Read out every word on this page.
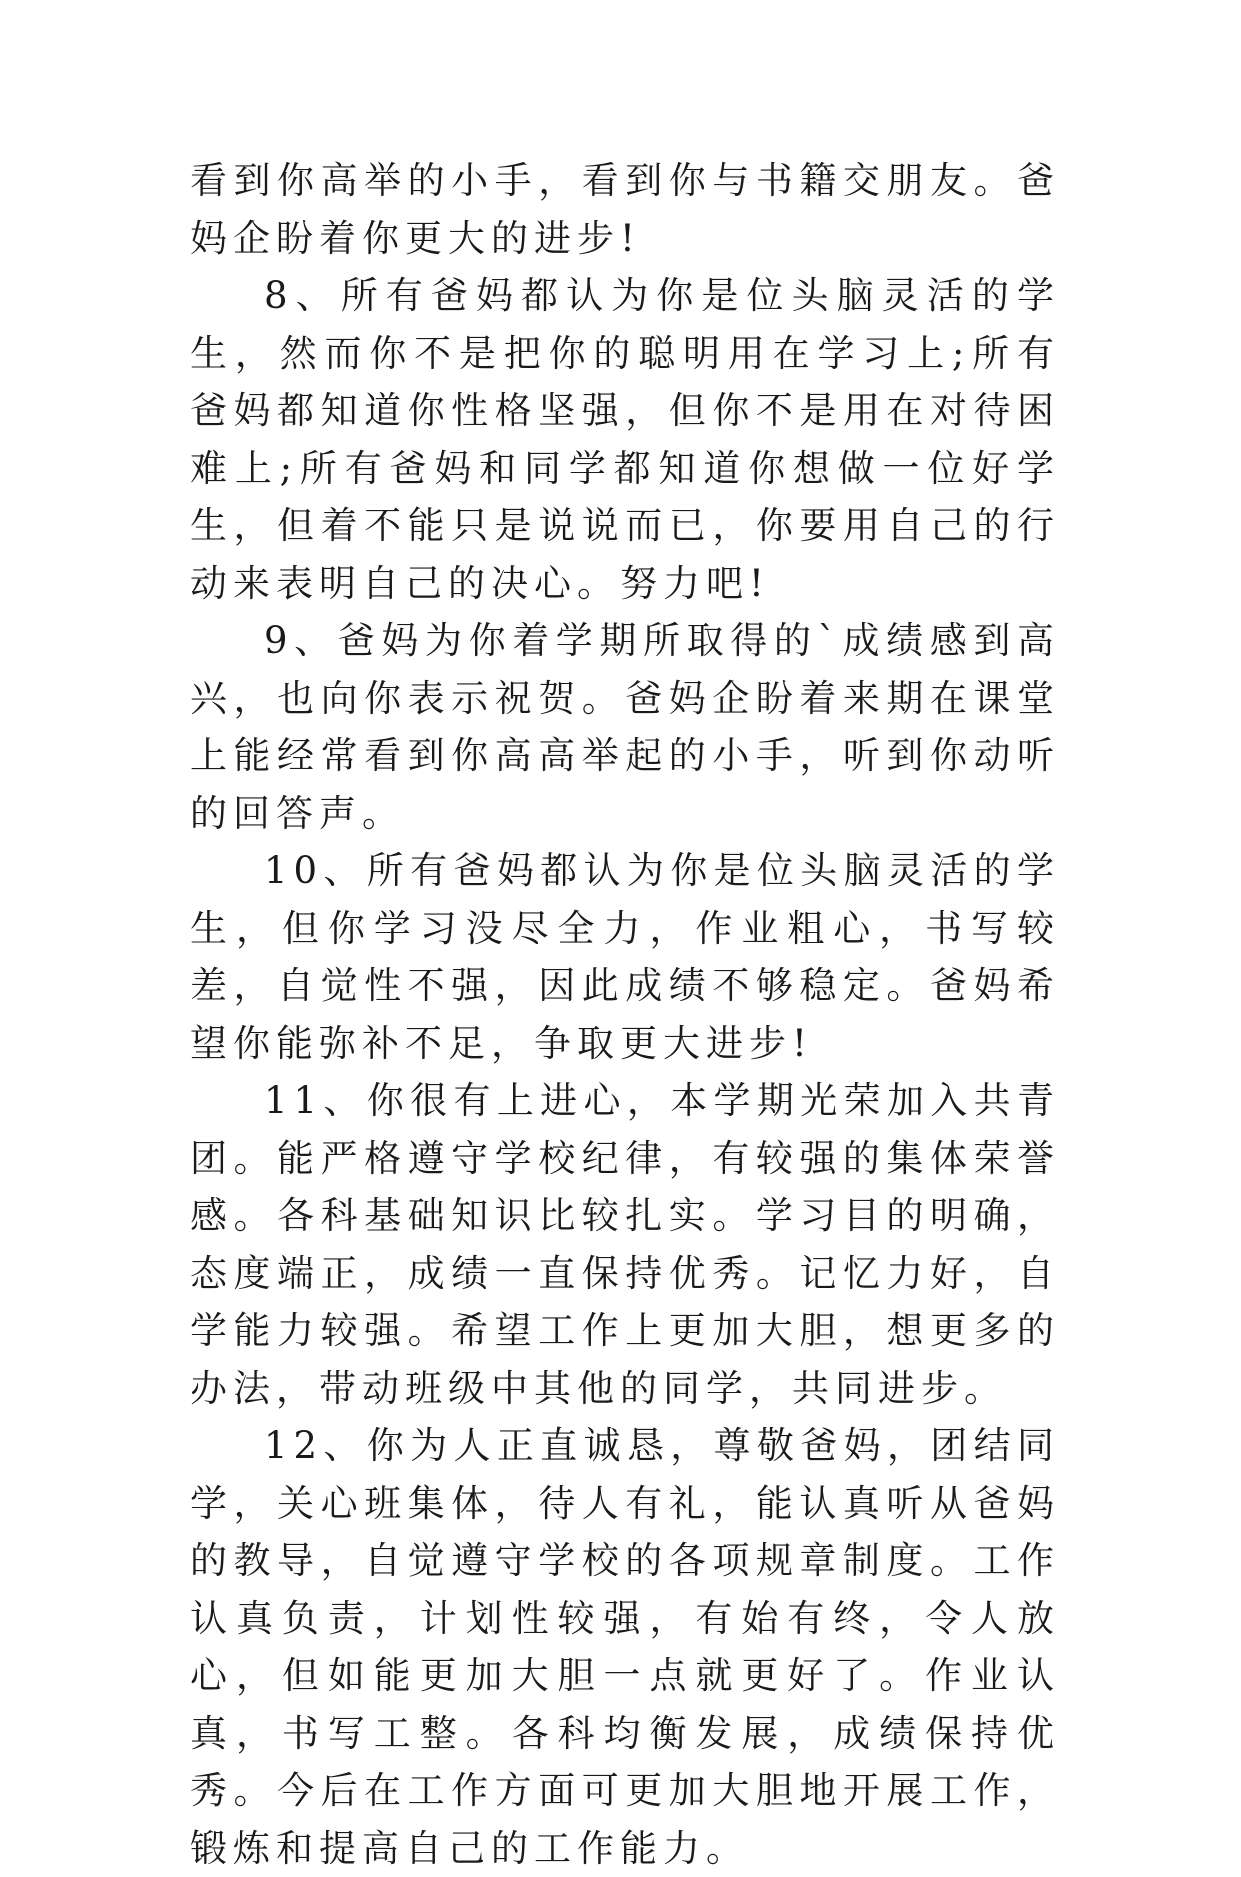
看到你高举的小手，看到你与书籍交朋友。爸妈企盼着你更大的进步!

8、所有爸妈都认为你是位头脑灵活的学生，然而你不是把你的聪明用在学习上;所有爸妈都知道你性格坚强，但你不是用在对待困难上;所有爸妈和同学都知道你想做一位好学生，但着不能只是说说而已，你要用自己的行动来表明自己的决心。努力吧!

9、爸妈为你着学期所取得的`成绩感到高兴，也向你表示祝贺。爸妈企盼着来期在课堂上能经常看到你高高举起的小手，听到你动听的回答声。

10、所有爸妈都认为你是位头脑灵活的学生，但你学习没尽全力，作业粗心，书写较差，自觉性不强，因此成绩不够稳定。爸妈希望你能弥补不足，争取更大进步!

11、你很有上进心，本学期光荣加入共青团。能严格遵守学校纪律，有较强的集体荣誉感。各科基础知识比较扎实。学习目的明确，态度端正，成绩一直保持优秀。记忆力好，自学能力较强。希望工作上更加大胆，想更多的办法，带动班级中其他的同学，共同进步。

12、你为人正直诚恳，尊敬爸妈，团结同学，关心班集体，待人有礼，能认真听从爸妈的教导，自觉遵守学校的各项规章制度。工作认真负责，计划性较强，有始有终，令人放心，但如能更加大胆一点就更好了。作业认真，书写工整。各科均衡发展，成绩保持优秀。今后在工作方面可更加大胆地开展工作，锻炼和提高自己的工作能力。
